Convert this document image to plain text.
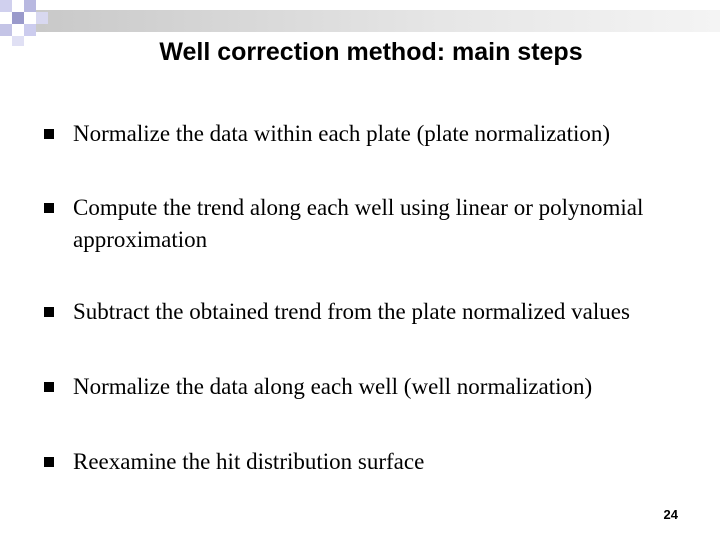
Well correction method: main steps
Normalize the data within each plate (plate normalization)
Compute the trend along each well using linear or polynomial approximation
Subtract the obtained trend from the plate normalized values
Normalize the data along each well (well normalization)
Reexamine the hit distribution surface
24
